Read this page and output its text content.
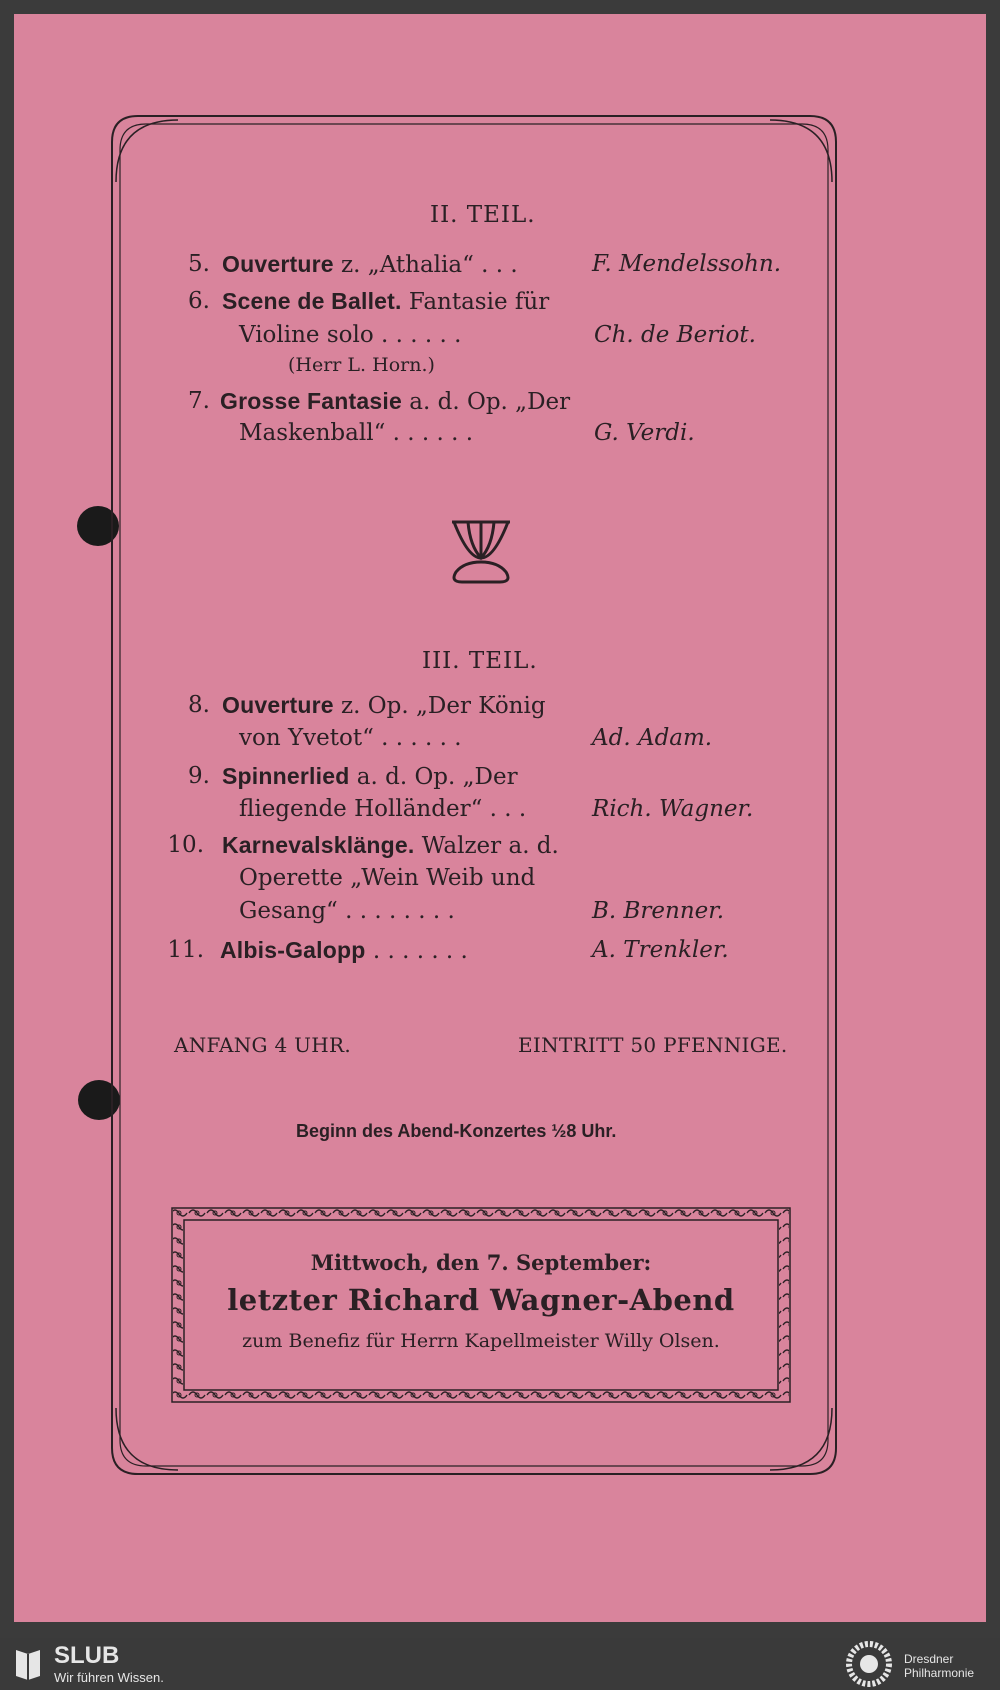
II. TEIL.
5. Ouverture z. „Athalia“ . . .	F. Mendelssohn.
6. Scene de Ballet. Fantasie für
Violine solo . . . . . .	Ch. de Beriot.
(Herr L. Horn.)
7. Grosse Fantasie a. d. Op. „Der
Maskenball“ . . . . . .	G. Verdi.
III. TEIL.
8. Ouverture z. Op. „Der König
von Yvetot“ . . . . . .	Ad. Adam.
9. Spinnerlied a. d. Op. „Der
fliegende Holländer“ . . .	Rich. Wagner.
10. Karnevalsklänge. Walzer a. d.
Operette „Wein Weib und
Gesang“ . . . . . . . .	B. Brenner.
11. Albis-Galopp . . . . . . .	A. Trenkler.
ANFANG 4 UHR.	EINTRITT 50 PFENNIGE.
Beginn des Abend-Konzertes ½8 Uhr.
Mittwoch, den 7. September:
letzter Richard Wagner-Abend
zum Benefiz für Herrn Kapellmeister Willy Olsen.
SLUB
Wir führen Wissen.
Dresdner
Philharmonie
